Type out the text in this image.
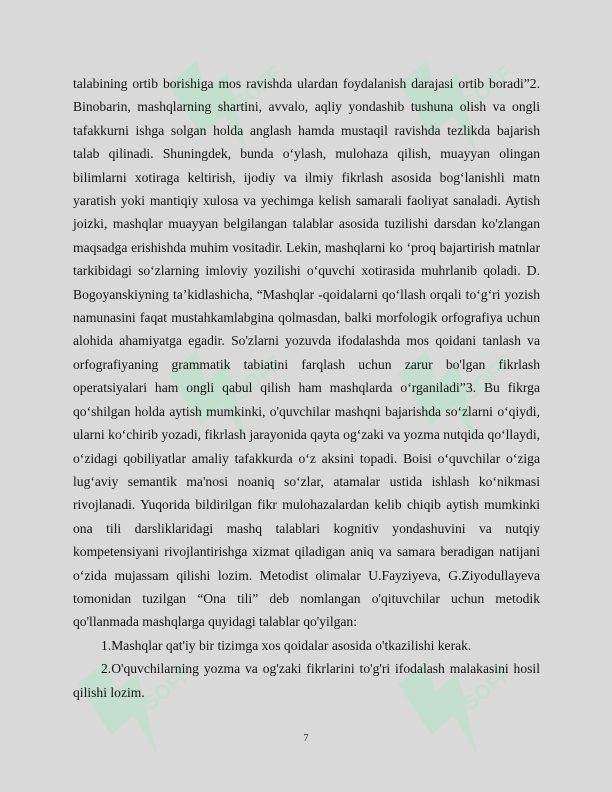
SOFF	SOFF
SOFF	SOFF
SOFF	SOFF

talabining ortib borishiga mos ravishda ulardan foydalanish darajasi ortib boradi”2. Binobarin, mashqlarning shartini, avvalo, aqliy yondashib tushuna olish va ongli tafakkurni ishga solgan holda anglash hamda mustaqil ravishda tezlikda bajarish talab qilinadi. Shuningdek, bunda o‘ylash, mulohaza qilish, muayyan olingan bilimlarni xotiraga keltirish, ijodiy va ilmiy fikrlash asosida bog‘lanishli matn yaratish yoki mantiqiy xulosa va yechimga kelish samarali faoliyat sanaladi. Aytish joizki, mashqlar muayyan belgilangan talablar asosida tuzilishi darsdan ko'zlangan maqsadga erishishda muhim vositadir. Lekin, mashqlarni ko ‘proq bajartirish matnlar tarkibidagi so‘zlarning imloviy yozilishi o‘quvchi xotirasida muhrlanib qoladi. D. Bogoyanskiyning ta’kidlashicha, “Mashqlar -qoidalarni qo‘llash orqali to‘g‘ri yozish namunasini faqat mustahkamlabgina qolmasdan, balki morfologik orfografiya uchun alohida ahamiyatga egadir. So'zlarni yozuvda ifodalashda mos qoidani tanlash va orfografiyaning grammatik tabiatini farqlash uchun zarur bo'lgan fikrlash operatsiyalari ham ongli qabul qilish ham mashqlarda o‘rganiladi”3. Bu fikrga qo‘shilgan holda aytish mumkinki, o'quvchilar mashqni bajarishda so‘zlarni o‘qiydi, ularni ko‘chirib yozadi, fikrlash jarayonida qayta og‘zaki va yozma nutqida qo‘llaydi, o‘zidagi qobiliyatlar amaliy tafakkurda o‘z aksini topadi. Boisi o‘quvchilar o‘ziga lug‘aviy semantik ma'nosi noaniq so‘zlar, atamalar ustida ishlash ko‘nikmasi rivojlanadi. Yuqorida bildirilgan fikr mulohazalardan kelib chiqib aytish mumkinki ona tili darsliklaridagi mashq talablari kognitiv yondashuvini va nutqiy kompetensiyani rivojlantirishga xizmat qiladigan aniq va samara beradigan natijani o‘zida mujassam qilishi lozim. Metodist olimalar U.Fayziyeva, G.Ziyodullayeva tomonidan tuzilgan “Ona tili” deb nomlangan o'qituvchilar uchun metodik qo'llanmada mashqlarga quyidagi talablar qo'yilgan:

1.Mashqlar qat'iy bir tizimga xos qoidalar asosida o'tkazilishi kerak.

2.O'quvchilarning yozma va og'zaki fikrlarini to'g'ri ifodalash malakasini hosil qilishi lozim.

7
